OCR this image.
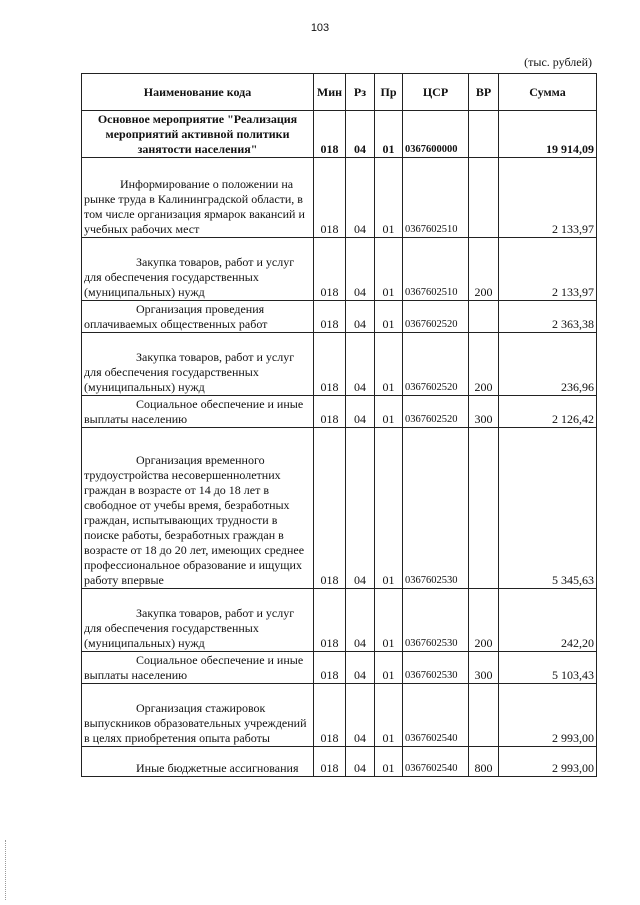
103
(тыс. рублей)
Наименование кода	Мин	Рз	Пр	ЦСР	ВР	Сумма
Основное мероприятие "Реализация мероприятий активной политики занятости населения"	018	04	01	0367600000		19 914,09
Информирование о положении на рынке труда в Калининградской области, в том числе организация ярмарок вакансий и учебных рабочих мест	018	04	01	0367602510		2 133,97
Закупка товаров, работ и услуг для обеспечения государственных (муниципальных) нужд	018	04	01	0367602510	200	2 133,97
Организация проведения оплачиваемых общественных работ	018	04	01	0367602520		2 363,38
Закупка товаров, работ и услуг для обеспечения государственных (муниципальных) нужд	018	04	01	0367602520	200	236,96
Социальное обеспечение и иные выплаты населению	018	04	01	0367602520	300	2 126,42
Организация временного трудоустройства несовершеннолетних граждан в возрасте от 14 до 18 лет в свободное от учебы время, безработных граждан, испытывающих трудности в поиске работы, безработных граждан в возрасте от 18 до 20 лет, имеющих среднее профессиональное образование и ищущих работу впервые	018	04	01	0367602530		5 345,63
Закупка товаров, работ и услуг для обеспечения государственных (муниципальных) нужд	018	04	01	0367602530	200	242,20
Социальное обеспечение и иные выплаты населению	018	04	01	0367602530	300	5 103,43
Организация стажировок выпускников образовательных учреждений в целях приобретения опыта работы	018	04	01	0367602540		2 993,00
Иные бюджетные ассигнования	018	04	01	0367602540	800	2 993,00
